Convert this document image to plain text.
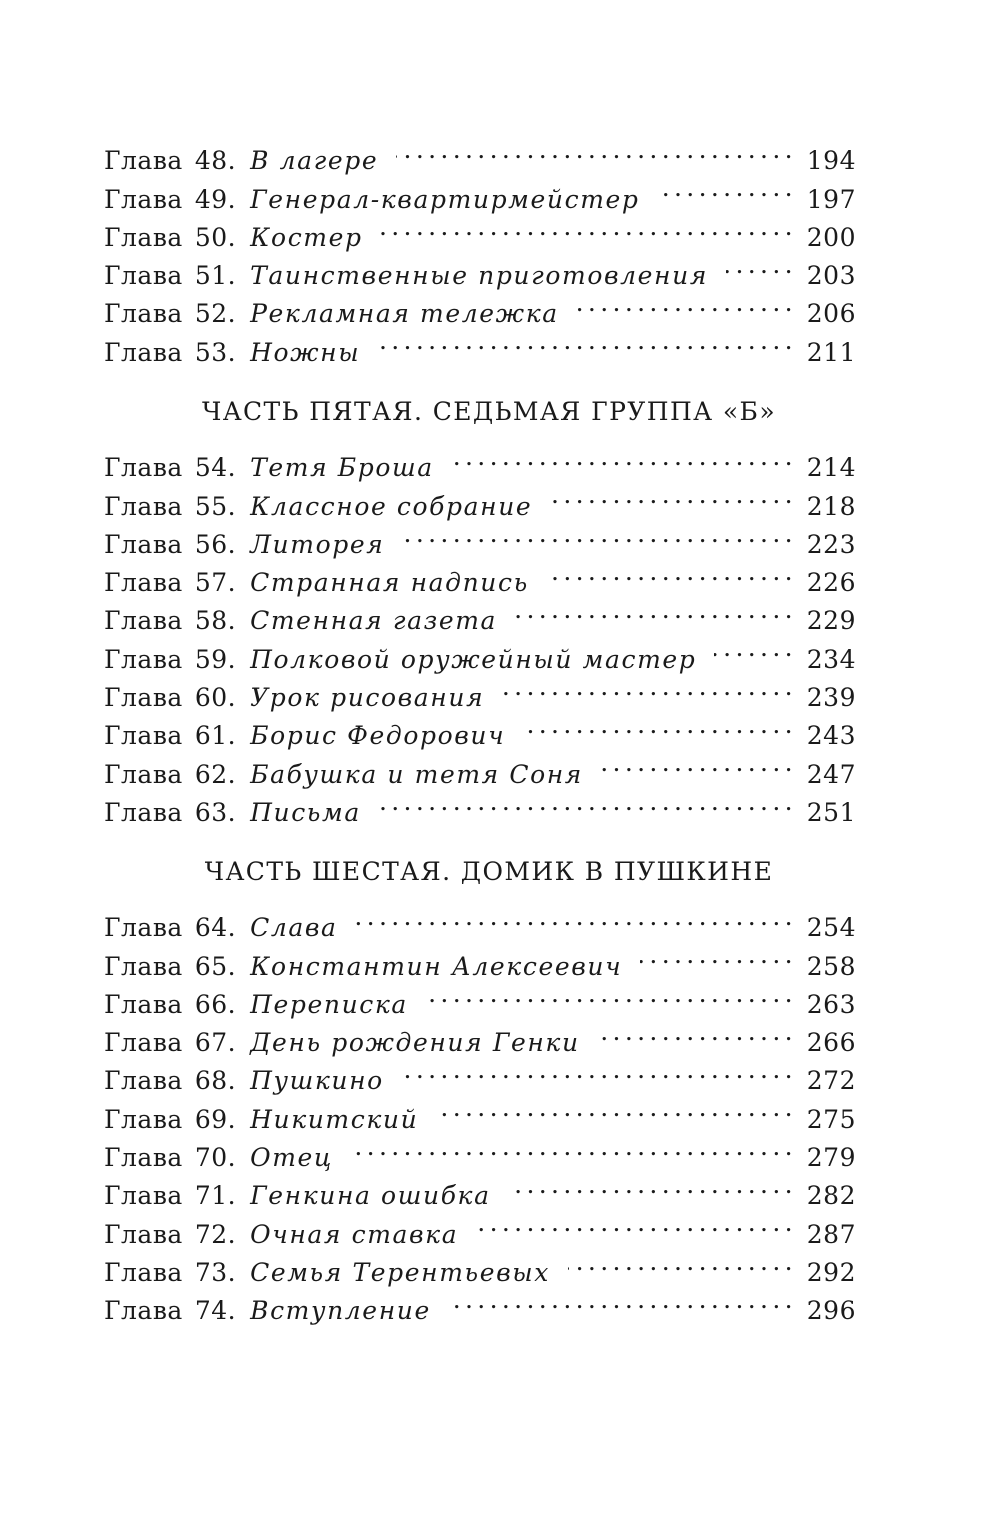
Глава 48. В лагере . . .	194
Глава 49. Генерал-квартирмейстер . . .	197
Глава 50. Костер . . .	200
Глава 51. Таинственные приготовления . . .	203
Глава 52. Рекламная тележка . . .	206
Глава 53. Ножны . . .	211
ЧАСТЬ ПЯТАЯ. СЕДЬМАЯ ГРУППА «Б»
Глава 54. Тетя Броша . . .	214
Глава 55. Классное собрание . . .	218
Глава 56. Литорея . . .	223
Глава 57. Странная надпись . . .	226
Глава 58. Стенная газета . . .	229
Глава 59. Полковой оружейный мастер . . .	234
Глава 60. Урок рисования . . .	239
Глава 61. Борис Федорович . . .	243
Глава 62. Бабушка и тетя Соня . . .	247
Глава 63. Письма . . .	251
ЧАСТЬ ШЕСТАЯ. ДОМИК В ПУШКИНЕ
Глава 64. Слава . . .	254
Глава 65. Константин Алексеевич . . .	258
Глава 66. Переписка . . .	263
Глава 67. День рождения Генки . . .	266
Глава 68. Пушкино . . .	272
Глава 69. Никитский . . .	275
Глава 70. Отец . . .	279
Глава 71. Генкина ошибка . . .	282
Глава 72. Очная ставка . . .	287
Глава 73. Семья Терентьевых . . .	292
Глава 74. Вступление . . .	296
